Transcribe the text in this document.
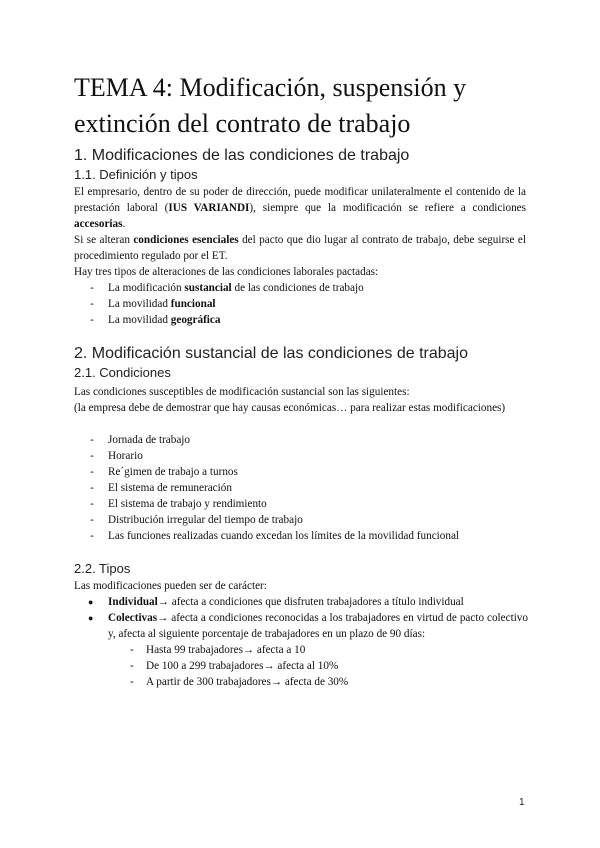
TEMA 4: Modificación, suspensión y extinción del contrato de trabajo
1. Modificaciones de las condiciones de trabajo
1.1. Definición y tipos

El empresario, dentro de su poder de dirección, puede modificar unilateralmente el contenido de la prestación laboral (IUS VARIANDI), siempre que la modificación se refiere a condiciones accesorias.

Si se alteran condiciones esenciales del pacto que dio lugar al contrato de trabajo, debe seguirse el procedimiento regulado por el ET.

Hay tres tipos de alteraciones de las condiciones laborales pactadas:

- La modificación sustancial de las condiciones de trabajo

- La movilidad funcional

- La movilidad geográfica

2. Modificación sustancial de las condiciones de trabajo
2.1. Condiciones

Las condiciones susceptibles de modificación sustancial son las siguientes:

(la empresa debe de demostrar que hay causas económicas… para realizar estas modificaciones)

- Jornada de trabajo

- Horario

- Re´gimen de trabajo a turnos

- El sistema de remuneración

- El sistema de trabajo y rendimiento

- Distribución irregular del tiempo de trabajo

- Las funciones realizadas cuando excedan los límites de la movilidad funcional

2.2. Tipos

Las modificaciones pueden ser de carácter:

● Individual→ afecta a condiciones que disfruten trabajadores a título individual

● Colectivas→ afecta a condiciones reconocidas a los trabajadores en virtud de pacto colectivo y, afecta al siguiente porcentaje de trabajadores en un plazo de 90 días:

- Hasta 99 trabajadores→ afecta a 10

- De 100 a 299 trabajadores→ afecta al 10%

- A partir de 300 trabajadores→ afecta de 30%

1
